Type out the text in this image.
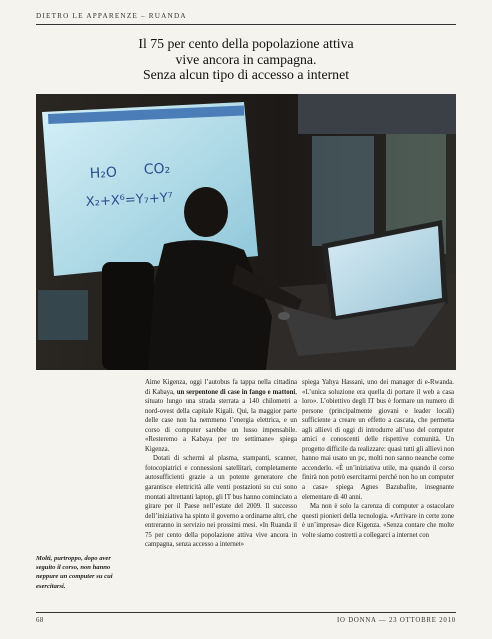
DIETRO LE APPARENZE – RUANDA
Il 75 per cento della popolazione attiva
vive ancora in campagna.
Senza alcun tipo di accesso a internet
H₂O CO₂
X₂+X⁶=Y₇+Y⁷
Molti, purtroppo, dopo aver seguito il corso, non hanno neppure un computer su cui esercitarsi.

Aime Kigenza, oggi l’autobus fa tappa nella cittadina di Kabaya, un serpentone di case in fango e mattoni, situato lungo una strada sterrata a 140 chilometri a nord-ovest della capitale Kigali. Qui, la maggior parte delle case non ha nemmeno l’energia elettrica, e un corso di computer sarebbe un lusso impensabile. «Resteremo a Kabaya per tre settimane» spiega Kigenza.

Dotati di schermi al plasma, stampanti, scanner, fotocopiatrici e connessioni satellitari, completamente autosufficienti grazie a un potente generatore che garantisce elettricità alle venti postazioni su cui sono montati altrettanti laptop, gli IT bus hanno cominciato a girare per il Paese nell’estate del 2009. Il successo dell’iniziativa ha spinto il governo a ordinarne altri, che entreranno in servizio nei prossimi mesi. «In Ruanda il 75 per cento della popolazione attiva vive ancora in campagna, senza accesso a internet»

spiega Yahya Hassani, uno dei manager di e-Rwanda. «L’unica soluzione era quella di portare il web a casa loro». L’obiettivo degli IT bus è formare un numero di persone (principalmente giovani e leader locali) sufficiente a creare un effetto a cascata, che permetta agli allievi di oggi di introdurre all’uso del computer amici e conoscenti delle rispettive comunità. Un progetto difficile da realizzare: quasi tutti gli allievi non hanno mai usato un pc, molti non sanno neanche come accenderlo. «È un’iniziativa utile, ma quando il corso finirà non potrò esercitarmi perché non ho un computer a casa» spiega Agnes Bazubafite, insegnante elementare di 40 anni.

Ma non è solo la carenza di computer a ostacolare questi pionieri della tecnologia. «Arrivare in certe zone è un’impresa» dice Kigenza. «Senza contare che molte volte siamo costretti a collegarci a internet con

68	IO DONNA — 23 OTTOBRE 2010
